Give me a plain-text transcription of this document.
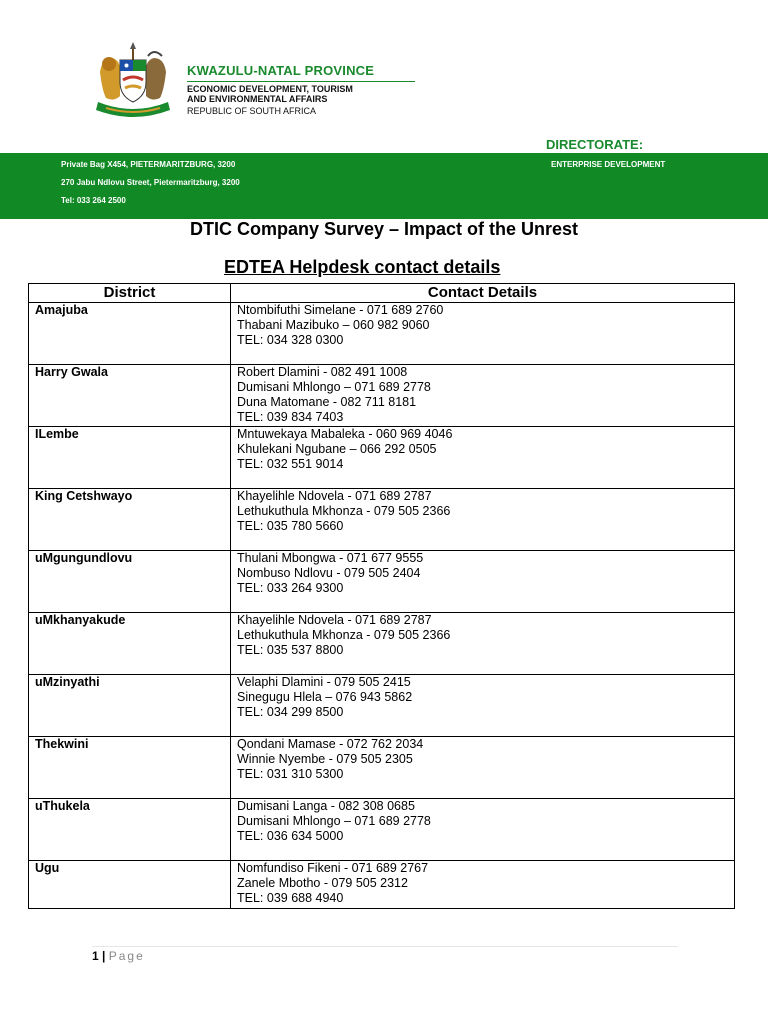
KWAZULU-NATAL PROVINCE
ECONOMIC DEVELOPMENT, TOURISM
AND ENVIRONMENTAL AFFAIRS
REPUBLIC OF SOUTH AFRICA
DIRECTORATE:
Private Bag X454, PIETERMARITZBURG, 3200
270 Jabu Ndlovu Street, Pietermaritzburg, 3200
Tel: 033 264 2500
ENTERPRISE DEVELOPMENT
DTIC Company Survey – Impact of the Unrest
EDTEA Helpdesk contact details
District	Contact Details
Amajuba	Ntombifuthi Simelane - 071 689 2760
Thabani Mazibuko – 060 982 9060
TEL: 034 328 0300

Harry Gwala	Robert Dlamini - 082 491 1008
Dumisani Mhlongo – 071 689 2778
Duna Matomane - 082 711 8181
TEL: 039 834 7403

ILembe	Mntuwekaya Mabaleka - 060 969 4046
Khulekani Ngubane – 066 292 0505
TEL: 032 551 9014

King Cetshwayo	Khayelihle Ndovela - 071 689 2787
Lethukuthula Mkhonza - 079 505 2366
TEL: 035 780 5660

uMgungundlovu	Thulani Mbongwa - 071 677 9555
Nombuso Ndlovu - 079 505 2404
TEL: 033 264 9300

uMkhanyakude	Khayelihle Ndovela - 071 689 2787
Lethukuthula Mkhonza - 079 505 2366
TEL: 035 537 8800

uMzinyathi	Velaphi Dlamini - 079 505 2415
Sinegugu Hlela – 076 943 5862
TEL: 034 299 8500

Thekwini	Qondani Mamase - 072 762 2034
Winnie Nyembe - 079 505 2305
TEL: 031 310 5300

uThukela	Dumisani Langa - 082 308 0685
Dumisani Mhlongo – 071 689 2778
TEL: 036 634 5000

Ugu	Nomfundiso Fikeni - 071 689 2767
Zanele Mbotho - 079 505 2312
TEL: 039 688 4940
1 | Page
